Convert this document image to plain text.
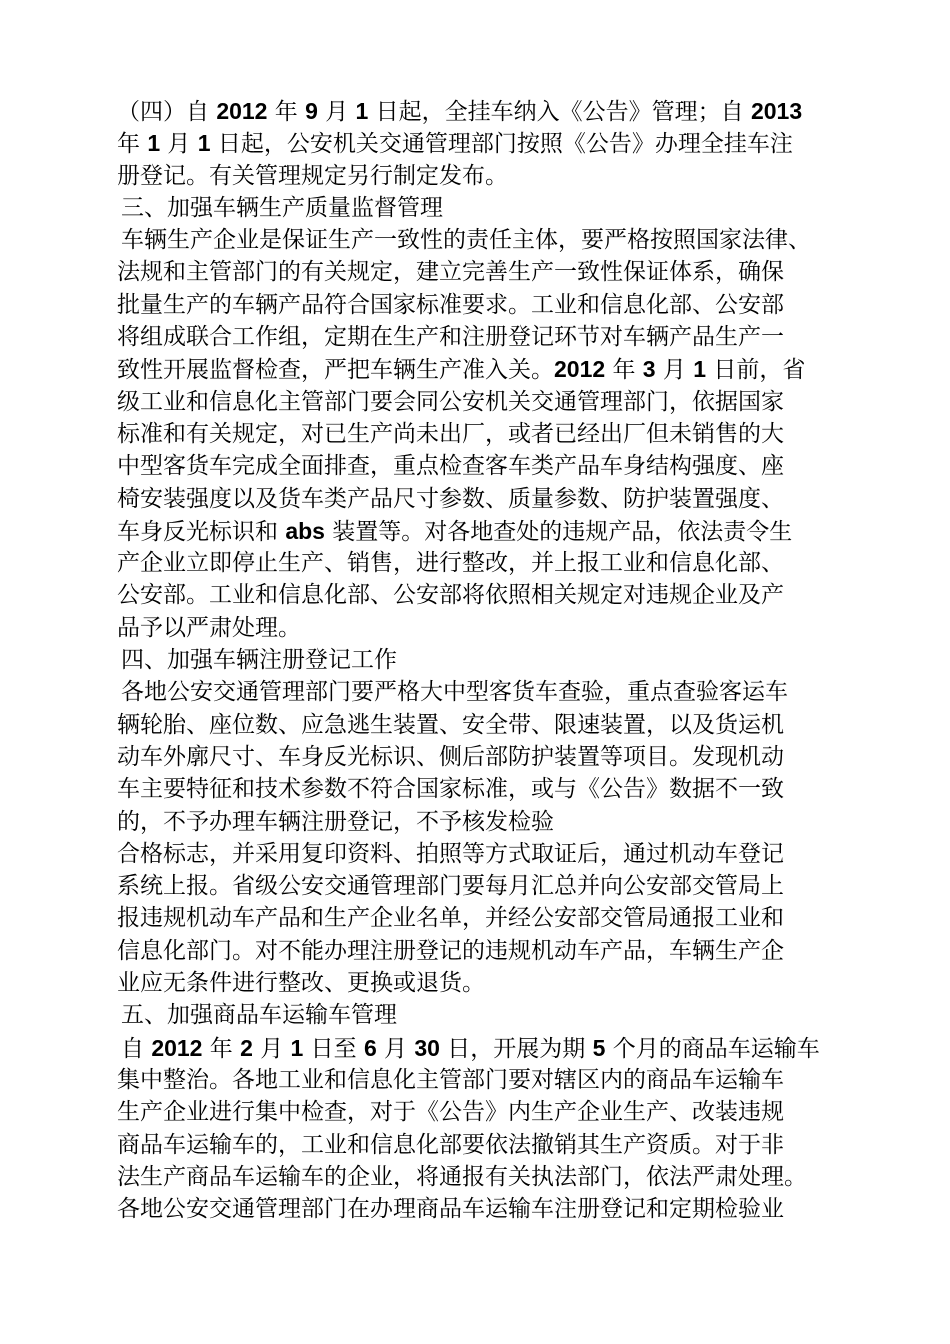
（四）自 2012 年 9 月 1 日起，全挂车纳入《公告》管理；自 2013
年 1 月 1 日起，公安机关交通管理部门按照《公告》办理全挂车注
册登记。有关管理规定另行制定发布。
三、加强车辆生产质量监督管理
车辆生产企业是保证生产一致性的责任主体，要严格按照国家法律、
法规和主管部门的有关规定，建立完善生产一致性保证体系，确保
批量生产的车辆产品符合国家标准要求。工业和信息化部、公安部
将组成联合工作组，定期在生产和注册登记环节对车辆产品生产一
致性开展监督检查，严把车辆生产准入关。2012 年 3 月 1 日前，省
级工业和信息化主管部门要会同公安机关交通管理部门，依据国家
标准和有关规定，对已生产尚未出厂，或者已经出厂但未销售的大
中型客货车完成全面排查，重点检查客车类产品车身结构强度、座
椅安装强度以及货车类产品尺寸参数、质量参数、防护装置强度、
车身反光标识和 abs 装置等。对各地查处的违规产品，依法责令生
产企业立即停止生产、销售，进行整改，并上报工业和信息化部、
公安部。工业和信息化部、公安部将依照相关规定对违规企业及产
品予以严肃处理。
四、加强车辆注册登记工作
各地公安交通管理部门要严格大中型客货车查验，重点查验客运车
辆轮胎、座位数、应急逃生装置、安全带、限速装置，以及货运机
动车外廓尺寸、车身反光标识、侧后部防护装置等项目。发现机动
车主要特征和技术参数不符合国家标准，或与《公告》数据不一致
的，不予办理车辆注册登记，不予核发检验
合格标志，并采用复印资料、拍照等方式取证后，通过机动车登记
系统上报。省级公安交通管理部门要每月汇总并向公安部交管局上
报违规机动车产品和生产企业名单，并经公安部交管局通报工业和
信息化部门。对不能办理注册登记的违规机动车产品，车辆生产企
业应无条件进行整改、更换或退货。
五、加强商品车运输车管理
自 2012 年 2 月 1 日至 6 月 30 日，开展为期 5 个月的商品车运输车
集中整治。各地工业和信息化主管部门要对辖区内的商品车运输车
生产企业进行集中检查，对于《公告》内生产企业生产、改装违规
商品车运输车的，工业和信息化部要依法撤销其生产资质。对于非
法生产商品车运输车的企业，将通报有关执法部门，依法严肃处理。
各地公安交通管理部门在办理商品车运输车注册登记和定期检验业
